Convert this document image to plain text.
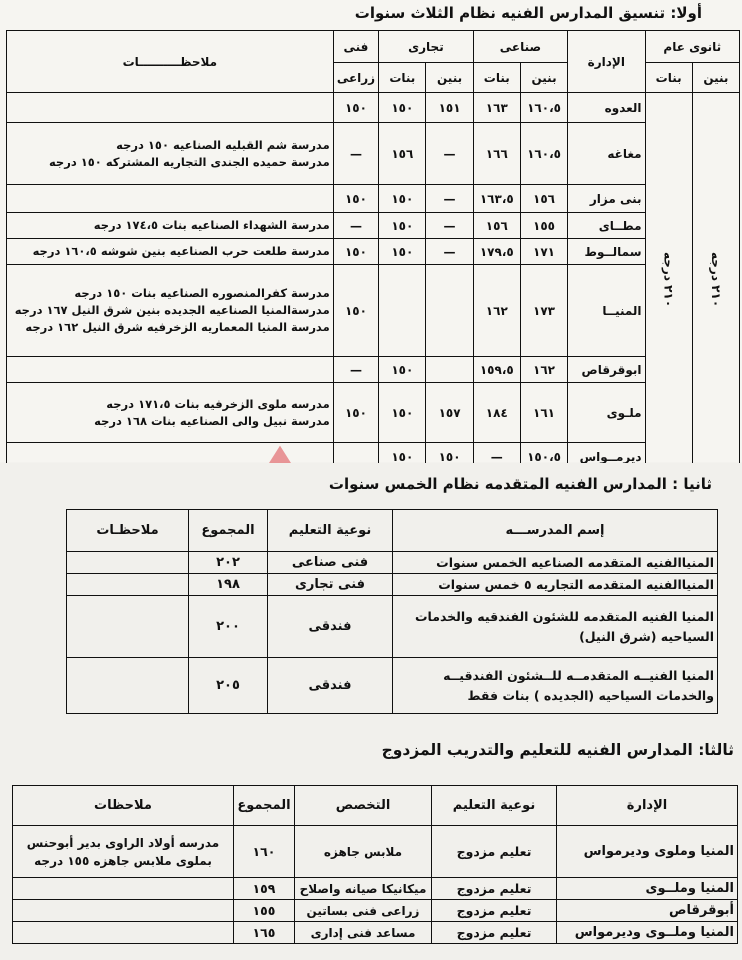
أولا: تنسيق المدارس الفنيه نظام الثلاث سنوات
ثانوى عام		الإدارة	صناعى		تجارى		فنى	ملاحظــــــــــات
بنين	بنات		بنين	بنات	بنين	بنات	زراعى	
۲۱۰ درجه	۲۱۰ درجه	العدوه	١٦٠،٥	١٦٣	١٥١	١٥٠	١٥٠	
		مغاغه	١٦٠،٥	١٦٦	—	١٥٦	—	مدرسة شم القبليه الصناعيه ١٥٠ درجه
مدرسة حميده الجندى التجاريه المشتركه ١٥٠ درجه

		بنى مزار	١٥٦	١٦٣،٥	—	١٥٠	١٥٠	
		مطــاى	١٥٥	١٥٦	—	١٥٠	—	مدرسة الشهداء الصناعيه بنات ١٧٤،٥ درجه

		سمالــوط	١٧١	١٧٩،٥	—	١٥٠	١٥٠	مدرسة طلعت حرب الصناعيه بنين شوشه ١٦٠،٥ درجه

		المنيــا	١٧٣	١٦٢			١٥٠	مدرسة كفرالمنصوره الصناعيه بنات ١٥٠ درجه
مدرسةالمنيا الصناعيه الجديده بنين شرق النيل ١٦٧ درجه
مدرسة المنيا المعماريه الزخرفيه شرق النيل ١٦٢ درجه

		ابوقرقاص	١٦٢	١٥٩،٥		١٥٠	—	
		ملـوى	١٦١	١٨٤	١٥٧	١٥٠	١٥٠	مدرسه ملوى الزخرفيه بنات ١٧١،٥ درجه
مدرسة نبيل والى الصناعيه بنات ١٦٨ درجه

		ديرمــواس	١٥٠،٥	—	١٥٠	١٥٠		
ثانيا : المدارس الفنيه المتقدمه نظام الخمس سنوات
إسم المدرســـه	نوعية التعليم	المجموع	ملاحظـات
المنياالفنيه المتقدمه الصناعيه الخمس سنوات	فنى صناعى	٢٠٢	
المنياالفنيه المتقدمه التجاريه ٥ خمس سنوات	فنى تجارى	١٩٨	
المنيا الفنيه المتقدمه للشئون الفندقيه والخدمات السياحيه (شرق النيل)	فندقى	٢٠٠	
المنيا الفنيــه المتقدمــه للــشئون الفندقيــه والخدمات السياحيه (الجديده ) بنات فقط	فندقى	٢٠٥	
ثالثا: المدارس الفنيه للتعليم والتدريب المزدوج
الإدارة	نوعية التعليم	التخصص	المجموع	ملاحظات
المنيا وملوى وديرمواس	تعليم مزدوج	ملابس جاهزه	١٦٠	مدرسه أولاد الراوى بدير أبوحنس بملوى ملابس جاهزه ١٥٥ درجه
المنيا وملــوى	تعليم مزدوج	ميكانيكا صيانه واصلاح	١٥٩	
أبوقرقاص	تعليم مزدوج	زراعى فنى بساتين	١٥٥	
المنيا وملــوى وديرمواس	تعليم مزدوج	مساعد فنى إدارى	١٦٥	
